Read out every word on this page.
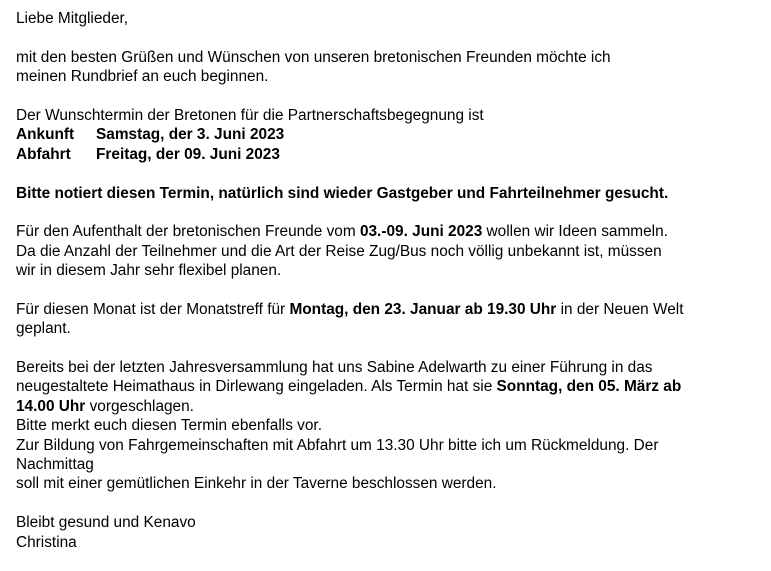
Liebe Mitglieder,
mit den besten Grüßen und Wünschen von unseren bretonischen Freunden möchte ich
meinen Rundbrief an euch beginnen.
Der Wunschtermin der Bretonen für die Partnerschaftsbegegnung ist
Ankunft Samstag, der 3. Juni 2023
Abfahrt Freitag, der 09. Juni 2023
Bitte notiert diesen Termin, natürlich sind wieder Gastgeber und Fahrteilnehmer gesucht.
Für den Aufenthalt der bretonischen Freunde vom 03.-09. Juni 2023 wollen wir Ideen sammeln.
Da die Anzahl der Teilnehmer und die Art der Reise Zug/Bus noch völlig unbekannt ist, müssen
wir in diesem Jahr sehr flexibel planen.
Für diesen Monat ist der Monatstreff für Montag, den 23. Januar ab 19.30 Uhr in der Neuen Welt
geplant.
Bereits bei der letzten Jahresversammlung hat uns Sabine Adelwarth zu einer Führung in das
neugestaltete Heimathaus in Dirlewang eingeladen. Als Termin hat sie Sonntag, den 05. März ab
14.00 Uhr vorgeschlagen.
Bitte merkt euch diesen Termin ebenfalls vor.
Zur Bildung von Fahrgemeinschaften mit Abfahrt um 13.30 Uhr bitte ich um Rückmeldung. Der
Nachmittag
soll mit einer gemütlichen Einkehr in der Taverne beschlossen werden.
Bleibt gesund und Kenavo
Christina
